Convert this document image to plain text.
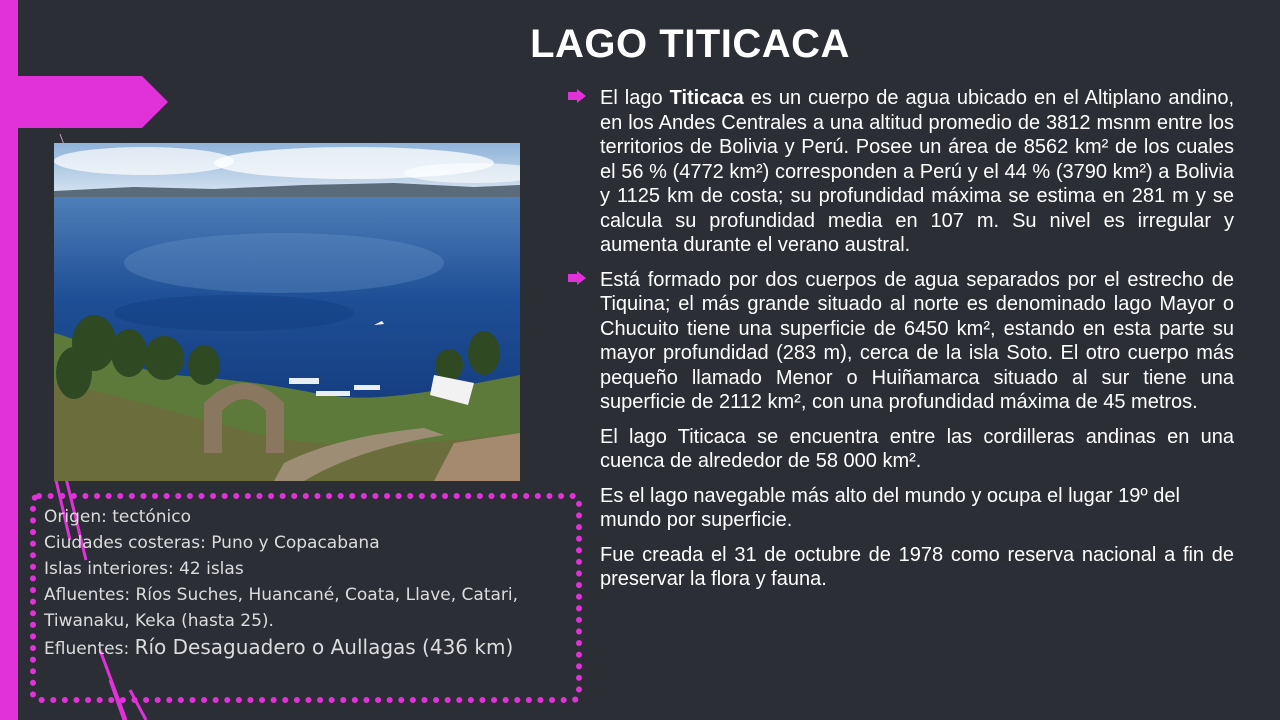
LAGO TITICACA
Origen: tectónico
Ciudades costeras: Puno y Copacabana
Islas interiores: 42 islas
Afluentes: Ríos Suches, Huancané, Coata, Llave, Catari, Tiwanaku, Keka (hasta 25).
Efluentes: Río Desaguadero o Aullagas (436 km)
El lago Titicaca es un cuerpo de agua ubicado en el Altiplano andino, en los Andes Centrales a una altitud promedio de 3812 msnm entre los territorios de Bolivia y Perú. Posee un área de 8562 km² de los cuales el 56 % (4772 km²) corresponden a Perú y el 44 % (3790 km²) a Bolivia y 1125 km de costa; su profundidad máxima se estima en 281 m y se calcula su profundidad media en 107 m. Su nivel es irregular y aumenta durante el verano austral.
Está formado por dos cuerpos de agua separados por el estrecho de Tiquina; el más grande situado al norte es denominado lago Mayor o Chucuito tiene una superficie de 6450 km², estando en esta parte su mayor profundidad (283 m), cerca de la isla Soto. El otro cuerpo más pequeño llamado Menor o Huiñamarca situado al sur tiene una superficie de 2112 km², con una profundidad máxima de 45 metros.
El lago Titicaca se encuentra entre las cordilleras andinas en una cuenca de alrededor de 58 000 km².
Es el lago navegable más alto del mundo y ocupa el lugar 19º del mundo por superficie.
Fue creada el 31 de octubre de 1978 como reserva nacional a fin de preservar la flora y fauna.
